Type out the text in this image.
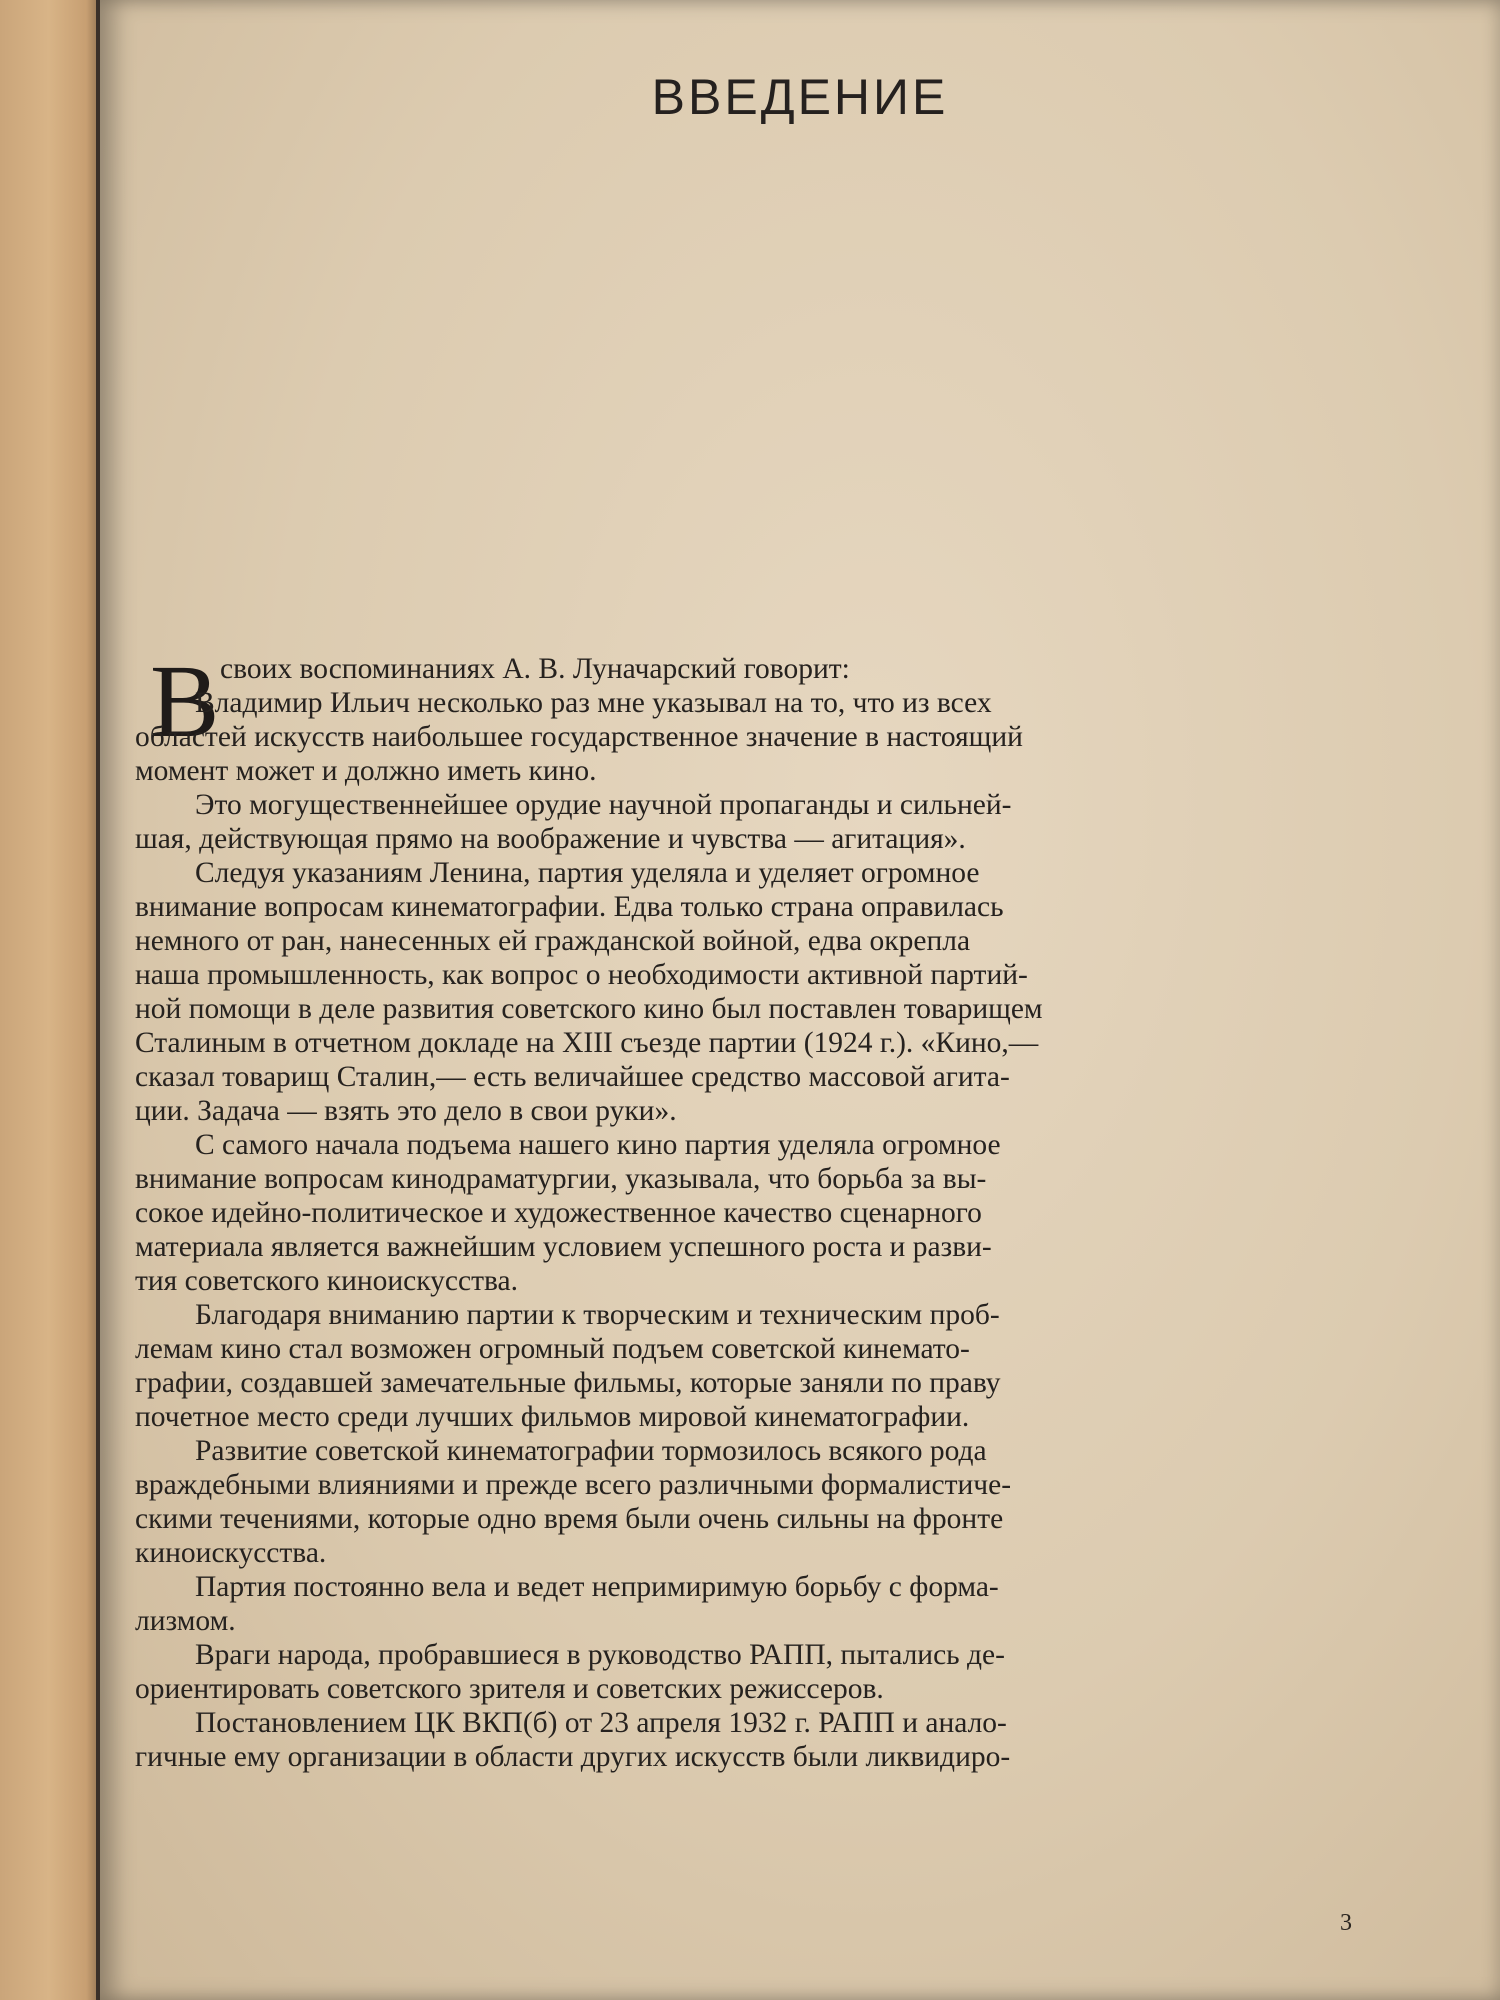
ВВЕДЕНИЕ
В своих воспоминаниях А. В. Луначарский говорит:
Владимир Ильич несколько раз мне указывал на то, что из всех
областей искусств наибольшее государственное значение в настоящий
момент может и должно иметь кино.
Это могущественнейшее орудие научной пропаганды и сильней-
шая, действующая прямо на воображение и чувства — агитация».
Следуя указаниям Ленина, партия уделяла и уделяет огромное
внимание вопросам кинематографии. Едва только страна оправилась
немного от ран, нанесенных ей гражданской войной, едва окрепла
наша промышленность, как вопрос о необходимости активной партий-
ной помощи в деле развития советского кино был поставлен товарищем
Сталиным в отчетном докладе на XIII съезде партии (1924 г.). «Кино,—
сказал товарищ Сталин,— есть величайшее средство массовой агита-
ции. Задача — взять это дело в свои руки».
С самого начала подъема нашего кино партия уделяла огромное
внимание вопросам кинодраматургии, указывала, что борьба за вы-
сокое идейно-политическое и художественное качество сценарного
материала является важнейшим условием успешного роста и разви-
тия советского киноискусства.
Благодаря вниманию партии к творческим и техническим проб-
лемам кино стал возможен огромный подъем советской кинемато-
графии, создавшей замечательные фильмы, которые заняли по праву
почетное место среди лучших фильмов мировой кинематографии.
Развитие советской кинематографии тормозилось всякого рода
враждебными влияниями и прежде всего различными формалистиче-
скими течениями, которые одно время были очень сильны на фронте
киноискусства.
Партия постоянно вела и ведет непримиримую борьбу с форма-
лизмом.
Враги народа, пробравшиеся в руководство РАПП, пытались де-
ориентировать советского зрителя и советских режиссеров.
Постановлением ЦК ВКП(б) от 23 апреля 1932 г. РАПП и анало-
гичные ему организации в области других искусств были ликвидиро-
3
